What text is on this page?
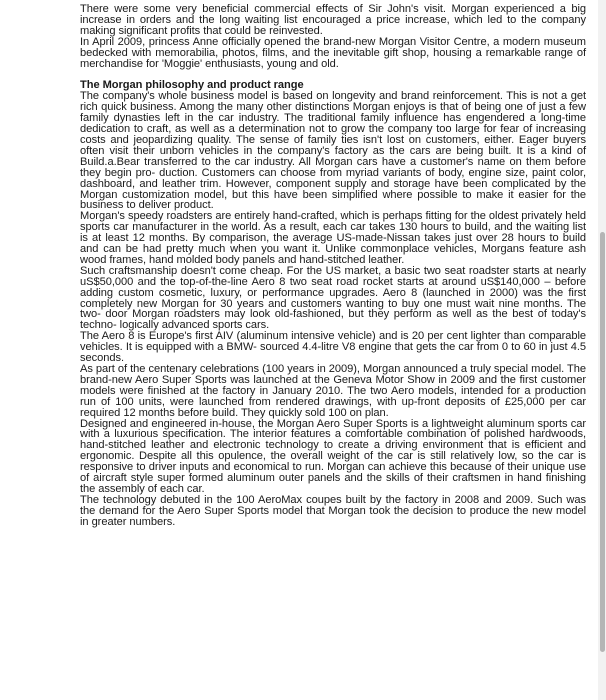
There were some very beneficial commercial effects of Sir John's visit. Morgan experienced a big increase in orders and the long waiting list encouraged a price increase, which led to the company making significant profits that could be reinvested.

In April 2009, princess Anne officially opened the brand-new Morgan Visitor Centre, a modern museum bedecked with memorabilia, photos, films, and the inevitable gift shop, housing a remarkable range of merchandise for 'Moggie' enthusiasts, young and old.

The Morgan philosophy and product range

The company's whole business model is based on longevity and brand reinforcement. This is not a get rich quick business. Among the many other distinctions Morgan enjoys is that of being one of just a few family dynasties left in the car industry. The traditional family influence has engendered a long-time dedication to craft, as well as a determination not to grow the company too large for fear of increasing costs and jeopardizing quality. The sense of family ties isn't lost on customers, either. Eager buyers often visit their unborn vehicles in the company's factory as the cars are being built. It is a kind of Build.a.Bear transferred to the car industry. All Morgan cars have a customer's name on them before they begin pro- duction. Customers can choose from myriad variants of body, engine size, paint color, dashboard, and leather trim. However, component supply and storage have been complicated by the Morgan customization model, but this have been simplified where possible to make it easier for the business to deliver product.

Morgan's speedy roadsters are entirely hand-crafted, which is perhaps fitting for the oldest privately held sports car manufacturer in the world. As a result, each car takes 130 hours to build, and the waiting list is at least 12 months. By comparison, the average US-made-Nissan takes just over 28 hours to build and can be had pretty much when you want it. Unlike commonplace vehicles, Morgans feature ash wood frames, hand molded body panels and hand-stitched leather.

Such craftsmanship doesn't come cheap. For the US market, a basic two seat roadster starts at nearly uS$50,000 and the top-of-the-line Aero 8 two seat road rocket starts at around uS$140,000 – before adding custom cosmetic, luxury, or performance upgrades. Aero 8 (launched in 2000) was the first completely new Morgan for 30 years and customers wanting to buy one must wait nine months. The two- door Morgan roadsters may look old-fashioned, but they perform as well as the best of today's techno- logically advanced sports cars.

The Aero 8 is Europe's first AIV (aluminum intensive vehicle) and is 20 per cent lighter than comparable vehicles. It is equipped with a BMW- sourced 4.4-litre V8 engine that gets the car from 0 to 60 in just 4.5 seconds.

As part of the centenary celebrations (100 years in 2009), Morgan announced a truly special model. The brand-new Aero Super Sports was launched at the Geneva Motor Show in 2009 and the first customer models were finished at the factory in January 2010. The two Aero models, intended for a production run of 100 units, were launched from rendered drawings, with up-front deposits of £25,000 per car required 12 months before build. They quickly sold 100 on plan.

Designed and engineered in-house, the Morgan Aero Super Sports is a lightweight aluminum sports car with a luxurious specification. The interior features a comfortable combination of polished hardwoods, hand-stitched leather and electronic technology to create a driving environment that is efficient and ergonomic. Despite all this opulence, the overall weight of the car is still relatively low, so the car is responsive to driver inputs and economical to run. Morgan can achieve this because of their unique use of aircraft style super formed aluminum outer panels and the skills of their craftsmen in hand finishing the assembly of each car.

The technology debuted in the 100 AeroMax coupes built by the factory in 2008 and 2009. Such was the demand for the Aero Super Sports model that Morgan took the decision to produce the new model in greater numbers.
